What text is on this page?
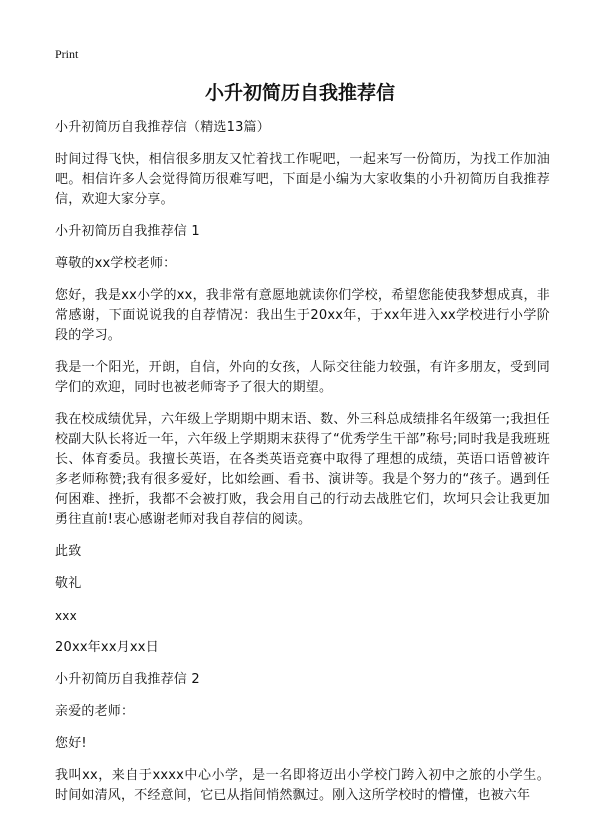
Print
小升初简历自我推荐信

小升初简历自我推荐信（精选13篇）

时间过得飞快，相信很多朋友又忙着找工作呢吧，一起来写一份简历，为找工作加油吧。相信许多人会觉得简历很难写吧，下面是小编为大家收集的小升初简历自我推荐信，欢迎大家分享。

小升初简历自我推荐信 1

尊敬的xx学校老师：

您好，我是xx小学的xx，我非常有意愿地就读你们学校，希望您能使我梦想成真，非常感谢，下面说说我的自荐情况：我出生于20xx年，于xx年进入xx学校进行小学阶段的学习。

我是一个阳光，开朗，自信，外向的女孩，人际交往能力较强，有许多朋友，受到同学们的欢迎，同时也被老师寄予了很大的期望。

我在校成绩优异，六年级上学期期中期末语、数、外三科总成绩排名年级第一;我担任校副大队长将近一年，六年级上学期期末获得了“优秀学生干部”称号;同时我是我班班长、体育委员。我擅长英语，在各类英语竞赛中取得了理想的成绩，英语口语曾被许多老师称赞;我有很多爱好，比如绘画、看书、演讲等。我是个努力的“孩子。遇到任何困难、挫折，我都不会被打败，我会用自己的行动去战胜它们，坎坷只会让我更加勇往直前!衷心感谢老师对我自荐信的阅读。

此致

敬礼

xxx

20xx年xx月xx日

小升初简历自我推荐信 2

亲爱的老师：

您好!

我叫xx，来自于xxxx中心小学，是一名即将迈出小学校门跨入初中之旅的小学生。时间如清风，不经意间，它已从指间悄然飘过。刚入这所学校时的懵懂，也被六年
